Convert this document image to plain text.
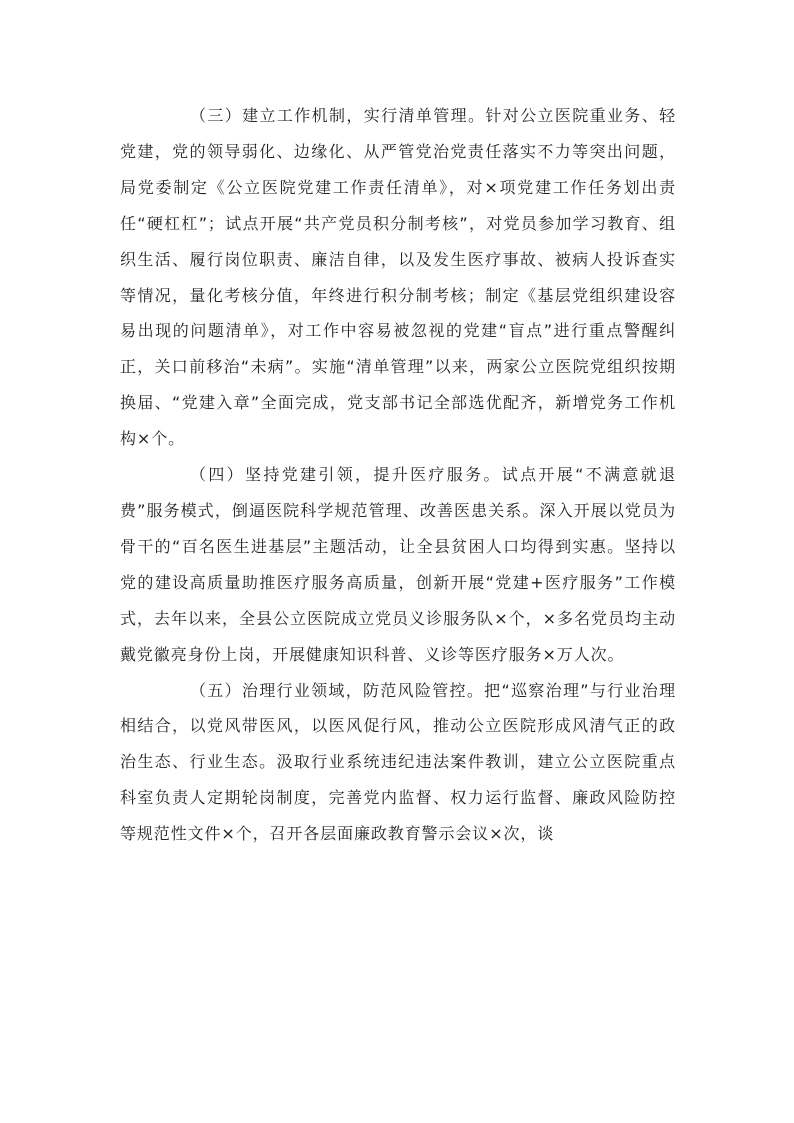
（三）建立工作机制，实行清单管理。针对公立医院重业务、轻党建，党的领导弱化、边缘化、从严管党治党责任落实不力等突出问题，局党委制定《公立医院党建工作责任清单》，对×项党建工作任务划出责任“硬杠杠”；试点开展“共产党员积分制考核”，对党员参加学习教育、组织生活、履行岗位职责、廉洁自律，以及发生医疗事故、被病人投诉查实等情况，量化考核分值，年终进行积分制考核；制定《基层党组织建设容易出现的问题清单》，对工作中容易被忽视的党建“盲点”进行重点警醒纠正，关口前移治“未病”。实施“清单管理”以来，两家公立医院党组织按期换届、“党建入章”全面完成，党支部书记全部选优配齐，新增党务工作机构×个。

（四）坚持党建引领，提升医疗服务。试点开展“不满意就退费”服务模式，倒逼医院科学规范管理、改善医患关系。深入开展以党员为骨干的“百名医生进基层”主题活动，让全县贫困人口均得到实惠。坚持以党的建设高质量助推医疗服务高质量，创新开展“党建+医疗服务”工作模式，去年以来，全县公立医院成立党员义诊服务队×个，×多名党员均主动戴党徽亮身份上岗，开展健康知识科普、义诊等医疗服务×万人次。

（五）治理行业领域，防范风险管控。把“巡察治理”与行业治理相结合，以党风带医风，以医风促行风，推动公立医院形成风清气正的政治生态、行业生态。汲取行业系统违纪违法案件教训，建立公立医院重点科室负责人定期轮岗制度，完善党内监督、权力运行监督、廉政风险防控等规范性文件×个，召开各层面廉政教育警示会议×次，谈
